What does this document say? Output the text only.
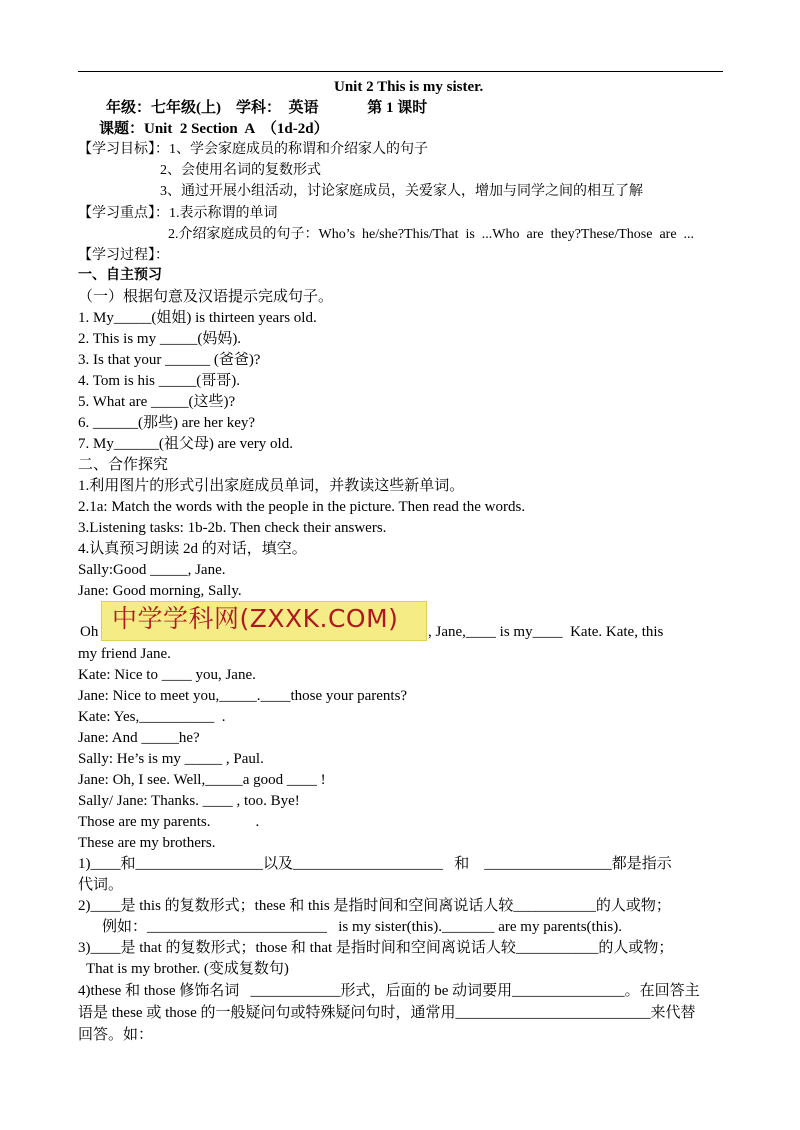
Unit 2 This is my sister.
年级：七年级(上)    学科：  英语             第 1 课时
课题：Unit  2 Section  A  （1d-2d）
【学习目标】：1、学会家庭成员的称谓和介绍家人的句子
2、会使用名词的复数形式
3、通过开展小组活动，讨论家庭成员，关爱家人，增加与同学之间的相互了解
【学习重点】：1.表示称谓的单词
2.介绍家庭成员的句子：Who’s  he/she?This/That  is  ...Who  are  they?These/Those  are  ...
【学习过程】：
一、自主预习
（一）根据句意及汉语提示完成句子。
1. My_____(姐姐) is thirteen years old.
2. This is my _____(妈妈).
3. Is that your ______ (爸爸)?
4. Tom is his _____(哥哥).
5. What are _____(这些)?
6. ______(那些) are her key?
7. My______(祖父母) are very old.
二、合作探究
1.利用图片的形式引出家庭成员单词，并教读这些新单词。
2.1a: Match the words with the people in the picture. Then read the words.
3.Listening tasks: 1b-2b. Then check their answers.
4.认真预习朗读 2d 的对话，填空。
Sally:Good _____, Jane.
Jane: Good morning, Sally.
Oh 中学学科网(ZXXK.COM) , Jane,____ is my____  Kate. Kate, this
my friend Jane.
Kate: Nice to ____ you, Jane.
Jane: Nice to meet you,_____.____those your parents?
Kate: Yes,__________  .
Jane: And _____he?
Sally: He’s is my _____ , Paul.
Jane: Oh, I see. Well,_____a good ____ !
Sally/ Jane: Thanks. ____ , too. Bye!
Those are my parents.            .
These are my brothers.
1)____和_________________以及____________________   和    _________________都是指示
代词。
2)____是 this 的复数形式；these 和 this 是指时间和空间离说话人较___________的人或物；
例如：________________________   is my sister(this)._______ are my parents(this).
3)____是 that 的复数形式；those 和 that 是指时间和空间离说话人较___________的人或物；
That is my brother. (变成复数句)
4)these 和 those 修饰名词   ____________形式，后面的 be 动词要用_______________。在回答主
语是 these 或 those 的一般疑问句或特殊疑问句时，通常用__________________________来代替
回答。如：
